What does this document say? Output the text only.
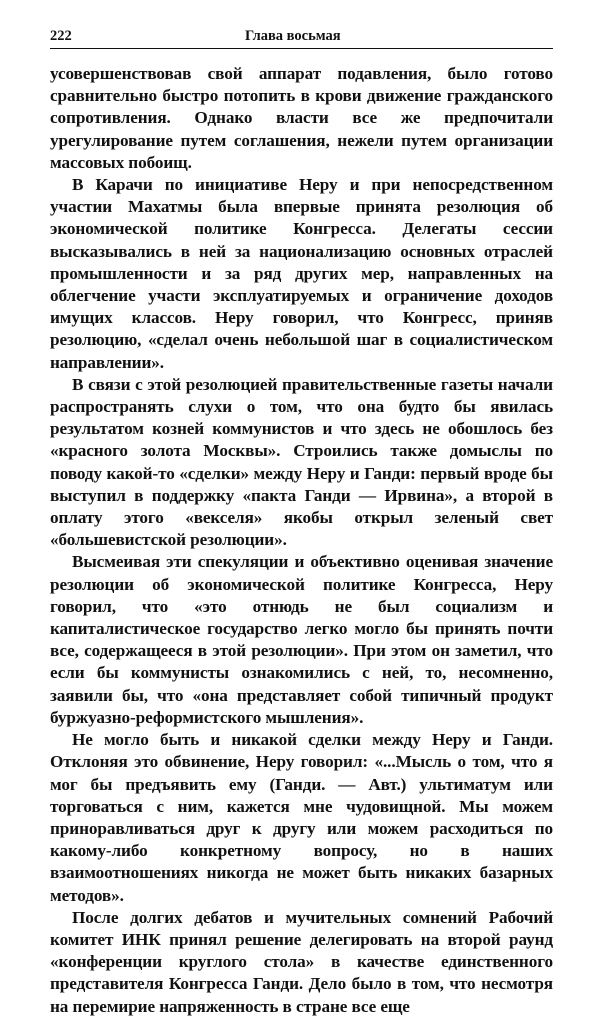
222	Глава восьмая

усовершенствовав свой аппарат подавления, было готово сравнительно быстро потопить в крови движение гражданского сопротивления. Однако власти все же предпочитали урегулирование путем соглашения, нежели путем организации массовых побоищ.

В Карачи по инициативе Неру и при непосредственном участии Махатмы была впервые принята резолюция об экономической политике Конгресса. Делегаты сессии высказывались в ней за национализацию основных отраслей промышленности и за ряд других мер, направленных на облегчение участи эксплуатируемых и ограничение доходов имущих классов. Неру говорил, что Конгресс, приняв резолюцию, «сделал очень небольшой шаг в социалистическом направлении».

В связи с этой резолюцией правительственные газеты начали распространять слухи о том, что она будто бы явилась результатом козней коммунистов и что здесь не обошлось без «красного золота Москвы». Строились также домыслы по поводу какой-то «сделки» между Неру и Ганди: первый вроде бы выступил в поддержку «пакта Ганди — Ирвина», а второй в оплату этого «векселя» якобы открыл зеленый свет «большевистской резолюции».

Высмеивая эти спекуляции и объективно оценивая значение резолюции об экономической политике Конгресса, Неру говорил, что «это отнюдь не был социализм и капиталистическое государство легко могло бы принять почти все, содержащееся в этой резолюции». При этом он заметил, что если бы коммунисты ознакомились с ней, то, несомненно, заявили бы, что «она представляет собой типичный продукт буржуазно-реформистского мышления».

Не могло быть и никакой сделки между Неру и Ганди. Отклоняя это обвинение, Неру говорил: «...Мысль о том, что я мог бы предъявить ему (Ганди. — Авт.) ультиматум или торговаться с ним, кажется мне чудовищной. Мы можем приноравливаться друг к другу или можем расходиться по какому-либо конкретному вопросу, но в наших взаимоотношениях никогда не может быть никаких базарных методов».

После долгих дебатов и мучительных сомнений Рабочий комитет ИНК принял решение делегировать на второй раунд «конференции круглого стола» в качестве единственного представителя Конгресса Ганди. Дело было в том, что несмотря на перемирие напряженность в стране все еще
